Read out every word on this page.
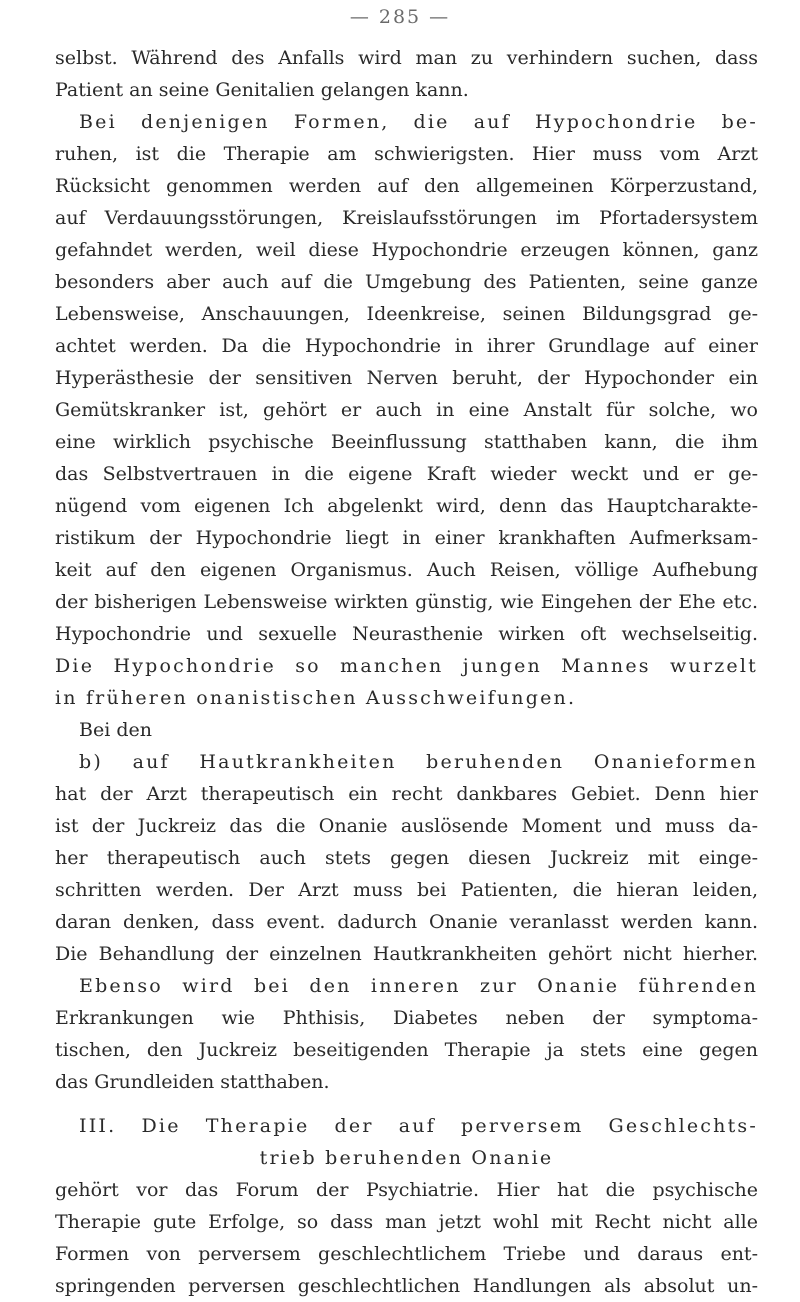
— 285 —
selbst. Während des Anfalls wird man zu verhindern suchen, dass
Patient an seine Genitalien gelangen kann.
Bei denjenigen Formen, die auf Hypochondrie be-
ruhen, ist die Therapie am schwierigsten. Hier muss vom Arzt
Rücksicht genommen werden auf den allgemeinen Körperzustand,
auf Verdauungsstörungen, Kreislaufsstörungen im Pfortadersystem
gefahndet werden, weil diese Hypochondrie erzeugen können, ganz
besonders aber auch auf die Umgebung des Patienten, seine ganze
Lebensweise, Anschauungen, Ideenkreise, seinen Bildungsgrad ge-
achtet werden. Da die Hypochondrie in ihrer Grundlage auf einer
Hyperästhesie der sensitiven Nerven beruht, der Hypochonder ein
Gemütskranker ist, gehört er auch in eine Anstalt für solche, wo
eine wirklich psychische Beeinflussung statthaben kann, die ihm
das Selbstvertrauen in die eigene Kraft wieder weckt und er ge-
nügend vom eigenen Ich abgelenkt wird, denn das Hauptcharakte-
ristikum der Hypochondrie liegt in einer krankhaften Aufmerksam-
keit auf den eigenen Organismus. Auch Reisen, völlige Aufhebung
der bisherigen Lebensweise wirkten günstig, wie Eingehen der Ehe etc.
Hypochondrie und sexuelle Neurasthenie wirken oft wechselseitig.
Die Hypochondrie so manchen jungen Mannes wurzelt
in früheren onanistischen Ausschweifungen.
Bei den
b) auf Hautkrankheiten beruhenden Onanieformen
hat der Arzt therapeutisch ein recht dankbares Gebiet. Denn hier
ist der Juckreiz das die Onanie auslösende Moment und muss da-
her therapeutisch auch stets gegen diesen Juckreiz mit einge-
schritten werden. Der Arzt muss bei Patienten, die hieran leiden,
daran denken, dass event. dadurch Onanie veranlasst werden kann.
Die Behandlung der einzelnen Hautkrankheiten gehört nicht hierher.
Ebenso wird bei den inneren zur Onanie führenden
Erkrankungen wie Phthisis, Diabetes neben der symptoma-
tischen, den Juckreiz beseitigenden Therapie ja stets eine gegen
das Grundleiden statthaben.
III. Die Therapie der auf perversem Geschlechts-
trieb beruhenden Onanie
gehört vor das Forum der Psychiatrie. Hier hat die psychische
Therapie gute Erfolge, so dass man jetzt wohl mit Recht nicht alle
Formen von perversem geschlechtlichem Triebe und daraus ent-
springenden perversen geschlechtlichen Handlungen als absolut un-
